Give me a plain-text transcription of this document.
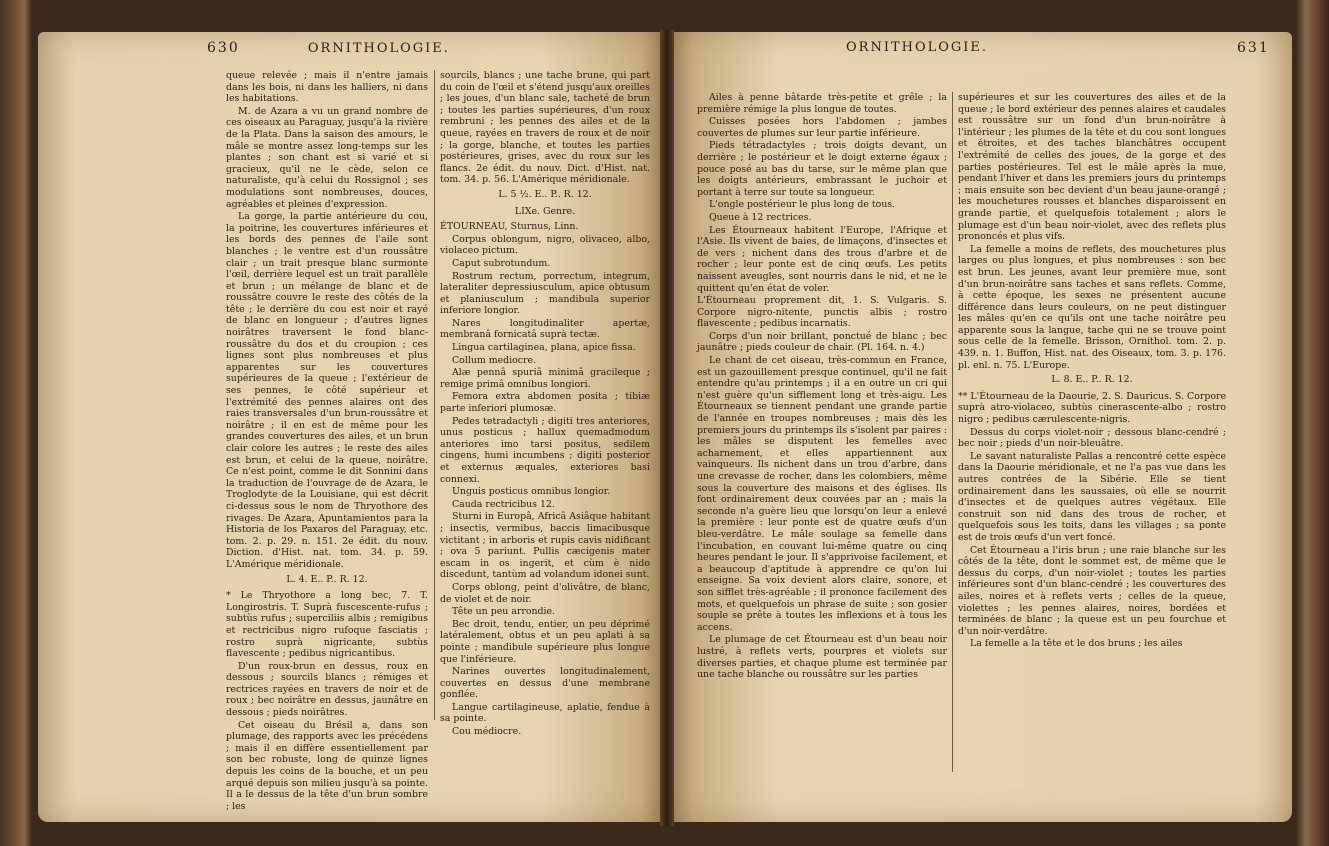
630	ORNITHOLOGIE.	ORNITHOLOGIE.	631

queue relevée ; mais il n'entre jamais dans les bois, ni dans les halliers, ni dans les habitations.

M. de Azara a vu un grand nombre de ces oiseaux au Paraguay, jusqu'à la rivière de la Plata. Dans la saison des amours, le mâle se montre assez long-temps sur les plantes ; son chant est si varié et si gracieux, qu'il ne le cède, selon ce naturaliste, qu'à celui du Rossignol ; ses modulations sont nombreuses, douces, agréables et pleines d'expression.

La gorge, la partie antérieure du cou, la poitrine, les couvertures inférieures et les bords des pennes de l'aile sont blanches ; le ventre est d'un roussâtre clair ; un trait presque blanc surmonte l'œil, derrière lequel est un trait parallèle et brun ; un mélange de blanc et de roussâtre couvre le reste des côtés de la tête ; le derrière du cou est noir et rayé de blanc en longueur ; d'autres lignes noirâtres traversent le fond blanc-roussâtre du dos et du croupion ; ces lignes sont plus nombreuses et plus apparentes sur les couvertures supérieures de la queue ; l'extérieur de ses pennes, le côté supérieur et l'extrémité des pennes alaires ont des raies transversales d'un brun-roussâtre et noirâtre ; il en est de même pour les grandes couvertures des ailes, et un brun clair colore les autres ; le reste des ailes est brun, et celui de la queue, noirâtre. Ce n'est point, comme le dit Sonnini dans la traduction de l'ouvrage de de Azara, le Troglodyte de la Louisiane, qui est décrit ci-dessus sous le nom de Thryothore des rivages. De Azara, Apuntamientos para la Historia de los Paxaros del Paraguay, etc. tom. 2. p. 29. n. 151. 2e édit. du nouv. Diction. d'Hist. nat. tom. 34. p. 59. L'Amérique méridionale.

L. 4. E.. P.. R. 12.

* Le Thryothore a long bec, 7. T. Longirostris. T. Suprà fuscescente-rufus ; subtùs rufus ; superciliis albis ; remigibus et rectricibus nigro rufoque fasciatis ; rostro suprà nigricante, subtùs flavescente ; pedibus nigricantibus.

D'un roux-brun en dessus, roux en dessous ; sourcils blancs ; rémiges et rectrices rayées en travers de noir et de roux ; bec noirâtre en dessus, jaunâtre en dessous ; pieds noirâtres.

Cet oiseau du Brésil a, dans son plumage, des rapports avec les précédens ; mais il en diffère essentiellement par son bec robuste, long de quinze lignes depuis les coins de la bouche, et un peu arqué depuis son milieu jusqu'à sa pointe. Il a le dessus de la tête d'un brun sombre ; les

sourcils, blancs ; une tache brune, qui part du coin de l'œil et s'étend jusqu'aux oreilles ; les joues, d'un blanc sale, tacheté de brun ; toutes les parties supérieures, d'un roux rembruni ; les pennes des ailes et de la queue, rayées en travers de roux et de noir ; la gorge, blanche, et toutes les parties postérieures, grises, avec du roux sur les flancs. 2e édit. du nouv. Dict. d'Hist. nat. tom. 34. p. 56. L'Amérique méridionale.

L. 5 ½. E.. P.. R. 12.

LIXe. Genre.

ÉTOURNEAU, Sturnus, Linn.

Corpus oblongum, nigro, olivaceo, albo, violaceo pictum.

Caput subrotundum.

Rostrum rectum, porrectum, integrum, lateraliter depressiusculum, apice obtusum et planiusculum ; mandibula superior inferiore longior.

Nares longitudinaliter apertæ, membranâ fornicatâ suprà tectæ.

Lingua cartilaginea, plana, apice fissa.

Collum mediocre.

Alæ pennâ spuriâ minimâ gracileque ; remige primâ omnibus longiori.

Femora extra abdomen posita ; tibiæ parte inferiori plumosæ.

Pedes tetradactyli ; digiti tres anteriores, unus posticus ; hallux quemadmodum anteriores imo tarsi positus, sedilem cingens, humi incumbens ; digiti posterior et externus æquales, exteriores basi connexi.

Unguis posticus omnibus longior.

Cauda rectricibus 12.

Sturni in Europâ, Africâ Asiâque habitant ; insectis, vermibus, baccis limacibusque victitant ; in arboris et rupis cavis nidificant ; ova 5 pariunt. Pullis cæcigenis mater escam in os ingerit, et cùm è nido discedunt, tantùm ad volandum idonei sunt.

Corps oblong, peint d'olivâtre, de blanc, de violet et de noir.

Tête un peu arrondie.

Bec droit, tendu, entier, un peu déprimé latéralement, obtus et un peu aplati à sa pointe ; mandibule supérieure plus longue que l'inférieure.

Narines ouvertes longitudinalement, couvertes en dessus d'une membrane gonflée.

Langue cartilagineuse, aplatie, fendue à sa pointe.

Cou médiocre.

Ailes à penne bâtarde très-petite et grêle ; la première rémige la plus longue de toutes.

Cuisses posées hors l'abdomen ; jambes couvertes de plumes sur leur partie inférieure.

Pieds tétradactyles ; trois doigts devant, un derrière ; le postérieur et le doigt externe égaux ; pouce posé au bas du tarse, sur le même plan que les doigts antérieurs, embrassant le juchoir et portant à terre sur toute sa longueur.

L'ongle postérieur le plus long de tous.

Queue à 12 rectrices.

Les Étourneaux habitent l'Europe, l'Afrique et l'Asie. Ils vivent de baies, de limaçons, d'insectes et de vers ; nichent dans des trous d'arbre et de rocher ; leur ponte est de cinq œufs. Les petits naissent aveugles, sont nourris dans le nid, et ne le quittent qu'en état de voler.

L'Étourneau proprement dit, 1. S. Vulgaris. S. Corpore nigro-nitente, punctis albis ; rostro flavescente ; pedibus incarnatis.

Corps d'un noir brillant, ponctué de blanc ; bec jaunâtre ; pieds couleur de chair. (Pl. 164. n. 4.)

Le chant de cet oiseau, très-commun en France, est un gazouillement presque continuel, qu'il ne fait entendre qu'au printemps ; il a en outre un cri qui n'est guère qu'un sifflement long et très-aigu. Les Étourneaux se tiennent pendant une grande partie de l'année en troupes nombreuses ; mais dès les premiers jours du printemps ils s'isolent par paires : les mâles se disputent les femelles avec acharnement, et elles appartiennent aux vainqueurs. Ils nichent dans un trou d'arbre, dans une crevasse de rocher, dans les colombiers, même sous la couverture des maisons et des églises. Ils font ordinairement deux couvées par an ; mais la seconde n'a guère lieu que lorsqu'on leur a enlevé la première : leur ponte est de quatre œufs d'un bleu-verdâtre. Le mâle soulage sa femelle dans l'incubation, en couvant lui-même quatre ou cinq heures pendant le jour. Il s'apprivoise facilement, et a beaucoup d'aptitude à apprendre ce qu'on lui enseigne. Sa voix devient alors claire, sonore, et son sifflet très-agréable ; il prononce facilement des mots, et quelquefois un phrase de suite ; son gosier souple se prête à toutes les inflexions et à tous les accens.

Le plumage de cet Étourneau est d'un beau noir lustré, à reflets verts, pourpres et violets sur diverses parties, et chaque plume est terminée par une tache blanche ou roussâtre sur les parties

supérieures et sur les couvertures des ailes et de la queue ; le bord extérieur des pennes alaires et caudales est roussâtre sur un fond d'un brun-noirâtre à l'intérieur ; les plumes de la tête et du cou sont longues et étroites, et des taches blanchâtres occupent l'extrémité de celles des joues, de la gorge et des parties postérieures. Tel est le mâle après la mue, pendant l'hiver et dans les premiers jours du printemps ; mais ensuite son bec devient d'un beau jaune-orangé ; les mouchetures rousses et blanches disparoissent en grande partie, et quelquefois totalement ; alors le plumage est d'un beau noir-violet, avec des reflets plus prononcés et plus vifs.

La femelle a moins de reflets, des mouchetures plus larges ou plus longues, et plus nombreuses : son bec est brun. Les jeunes, avant leur première mue, sont d'un brun-noirâtre sans taches et sans reflets. Comme, à cette époque, les sexes ne présentent aucune différence dans leurs couleurs, on ne peut distinguer les mâles qu'en ce qu'ils ont une tache noirâtre peu apparente sous la langue, tache qui ne se trouve point sous celle de la femelle. Brisson, Ornithol. tom. 2. p. 439. n. 1. Buffon, Hist. nat. des Oiseaux, tom. 3. p. 176. pl. enl. n. 75. L'Europe.

L. 8. E.. P.. R. 12.

** L'Étourneau de la Daourie, 2. S. Dauricus. S. Corpore suprà atro-violaceo, subtùs cinerascente-albo ; rostro nigro ; pedibus cærulescente-nigris.

Dessus du corps violet-noir ; dessous blanc-cendré ; bec noir ; pieds d'un noir-bleuâtre.

Le savant naturaliste Pallas a rencontré cette espèce dans la Daourie méridionale, et ne l'a pas vue dans les autres contrées de la Sibérie. Elle se tient ordinairement dans les saussaies, où elle se nourrit d'insectes et de quelques autres végétaux. Elle construit son nid dans des trous de rocher, et quelquefois sous les toits, dans les villages ; sa ponte est de trois œufs d'un vert foncé.

Cet Étourneau a l'iris brun ; une raie blanche sur les côtés de la tête, dont le sommet est, de même que le dessus du corps, d'un noir-violet ; toutes les parties inférieures sont d'un blanc-cendré ; les couvertures des ailes, noires et à reflets verts ; celles de la queue, violettes ; les pennes alaires, noires, bordées et terminées de blanc ; la queue est un peu fourchue et d'un noir-verdâtre.

La femelle a la tête et le dos bruns ; les ailes
